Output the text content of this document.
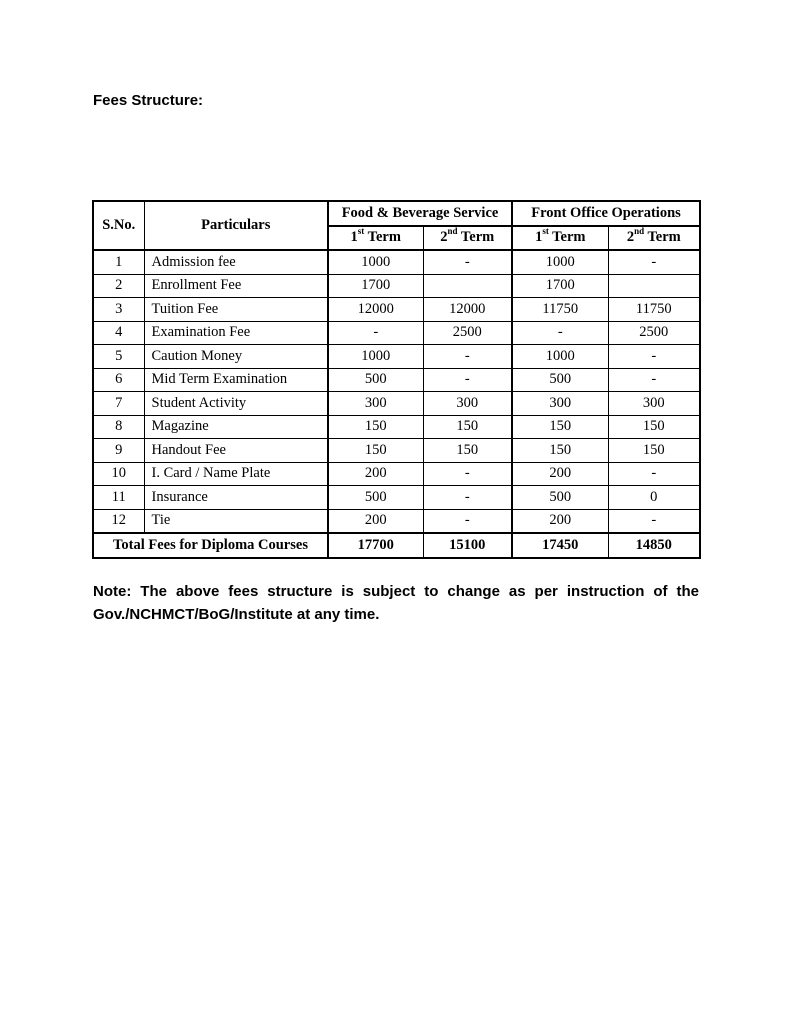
Fees Structure:
S.No.	Particulars	Food & Beverage Service		Front Office Operations	
		1st Term	2nd Term	1st Term	2nd Term
1	Admission fee	1000	-	1000	-
2	Enrollment Fee	1700		1700	
3	Tuition Fee	12000	12000	11750	11750
4	Examination Fee	-	2500	-	2500
5	Caution Money	1000	-	1000	-
6	Mid Term Examination	500	-	500	-
7	Student Activity	300	300	300	300
8	Magazine	150	150	150	150
9	Handout Fee	150	150	150	150
10	I. Card / Name Plate	200	-	200	-
11	Insurance	500	-	500	0
12	Tie	200	-	200	-
Total Fees for Diploma Courses		17700	15100	17450	14850
Note: The above fees structure is subject to change as per instruction of the Gov./NCHMCT/BoG/Institute at any time.
